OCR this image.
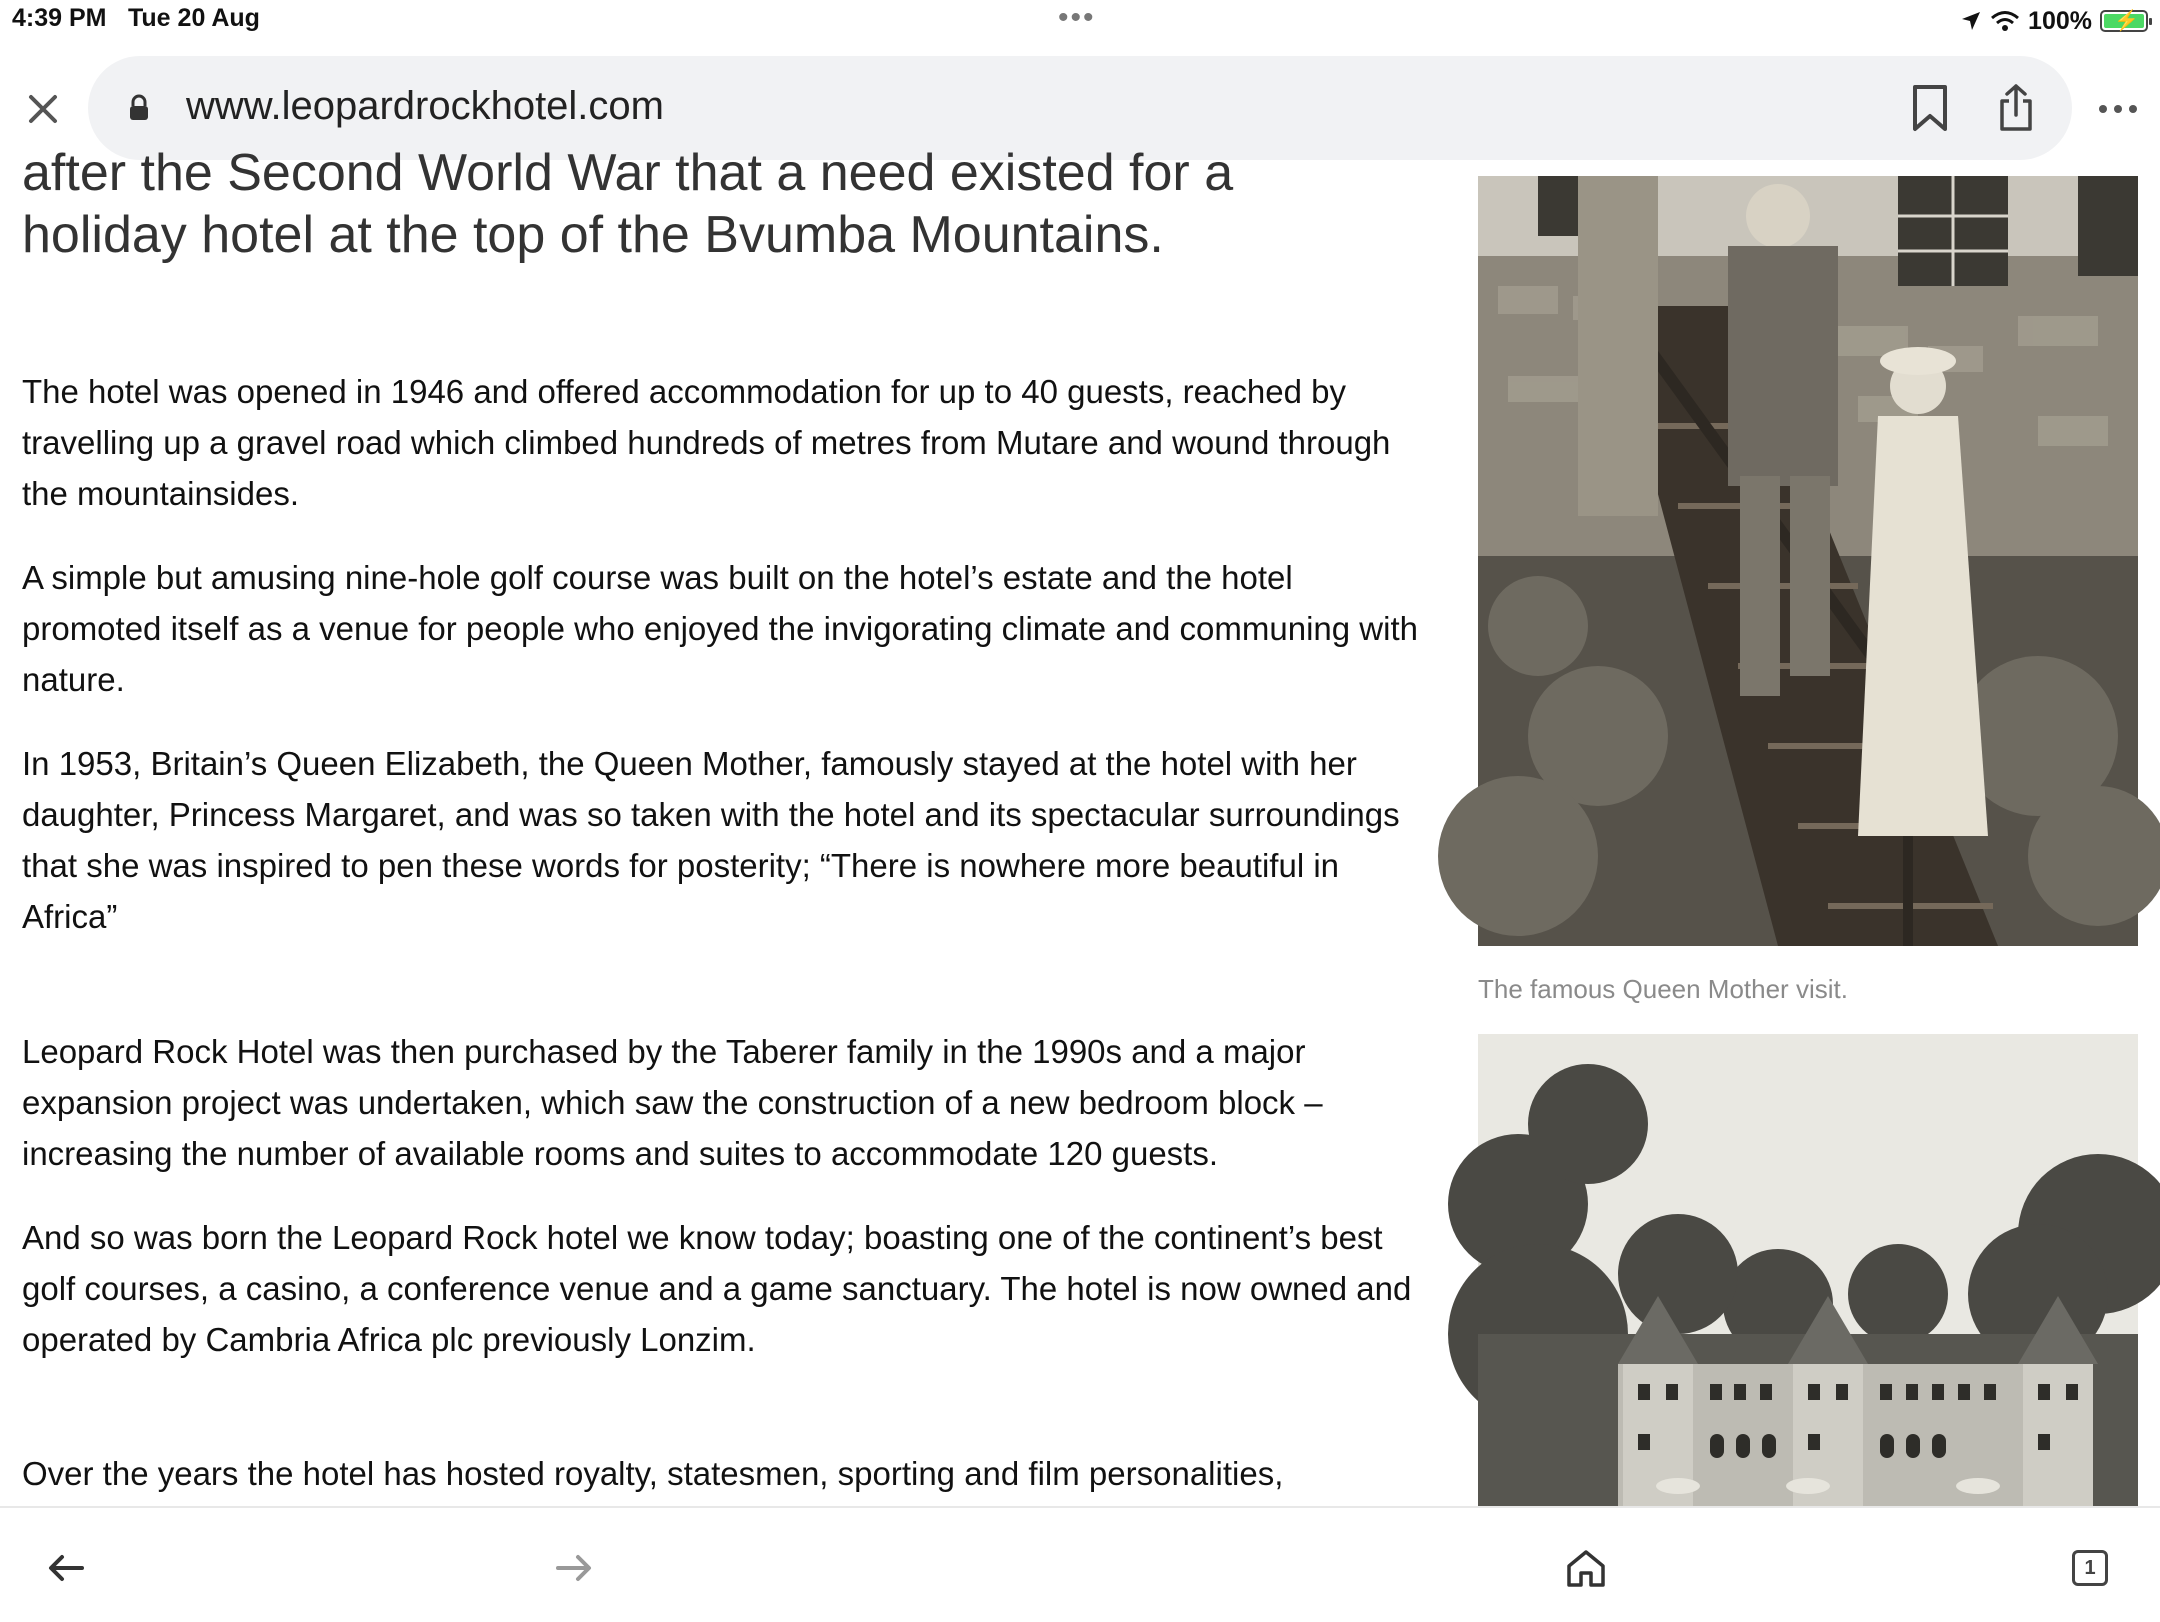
4:39 PM Tue 20 Aug	•••	100% ⚡
www.leopardrockhotel.com

after the Second World War that a need existed for a holiday hotel at the top of the Bvumba Mountains.

The hotel was opened in 1946 and offered accommodation for up to 40 guests, reached by travelling up a gravel road which climbed hundreds of metres from Mutare and wound through the mountainsides.

A simple but amusing nine-hole golf course was built on the hotel’s estate and the hotel promoted itself as a venue for people who enjoyed the invigorating climate and communing with nature.

In 1953, Britain’s Queen Elizabeth, the Queen Mother, famously stayed at the hotel with her daughter, Princess Margaret, and was so taken with the hotel and its spectacular surroundings that she was inspired to pen these words for posterity; “There is nowhere more beautiful in Africa”

Leopard Rock Hotel was then purchased by the Taberer family in the 1990s and a major expansion project was undertaken, which saw the construction of a new bedroom block – increasing the number of available rooms and suites to accommodate 120 guests.

And so was born the Leopard Rock hotel we know today; boasting one of the continent’s best golf courses, a casino, a conference venue and a game sanctuary. The hotel is now owned and operated by Cambria Africa plc previously Lonzim.

Over the years the hotel has hosted royalty, statesmen, sporting and film personalities,

The famous Queen Mother visit.
1
